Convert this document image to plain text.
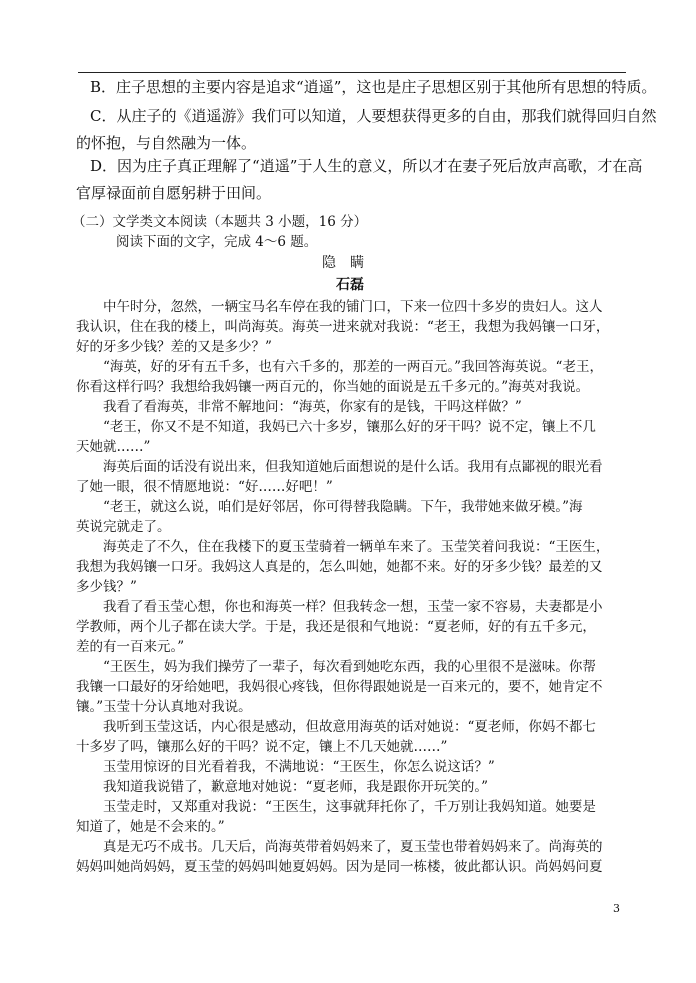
B．庄子思想的主要内容是追求“逍遥”，这也是庄子思想区别于其他所有思想的特质。
C．从庄子的《逍遥游》我们可以知道，人要想获得更多的自由，那我们就得回归自然
的怀抱，与自然融为一体。
D．因为庄子真正理解了“逍遥”于人生的意义，所以才在妻子死后放声高歌，才在高
官厚禄面前自愿躬耕于田间。
（二）文学类文本阅读（本题共 3 小题，16 分）
阅读下面的文字，完成 4～6 题。
隐瞒
石磊

中午时分，忽然，一辆宝马名车停在我的铺门口，下来一位四十多岁的贵妇人。这人
我认识，住在我的楼上，叫尚海英。海英一进来就对我说：“老王，我想为我妈镶一口牙，
好的牙多少钱？差的又是多少？”

“海英，好的牙有五千多，也有六千多的，那差的一两百元。”我回答海英说。“老王，
你看这样行吗？我想给我妈镶一两百元的，你当她的面说是五千多元的。”海英对我说。

我看了看海英，非常不解地问：“海英，你家有的是钱，干吗这样做？”

“老王，你又不是不知道，我妈已六十多岁，镶那么好的牙干吗？说不定，镶上不几
天她就……”

海英后面的话没有说出来，但我知道她后面想说的是什么话。我用有点鄙视的眼光看
了她一眼，很不情愿地说：“好……好吧！”

“老王，就这么说，咱们是好邻居，你可得替我隐瞒。下午，我带她来做牙模。”海
英说完就走了。

海英走了不久，住在我楼下的夏玉莹骑着一辆单车来了。玉莹笑着问我说：“王医生，
我想为我妈镶一口牙。我妈这人真是的，怎么叫她，她都不来。好的牙多少钱？最差的又
多少钱？”

我看了看玉莹心想，你也和海英一样？但我转念一想，玉莹一家不容易，夫妻都是小
学教师，两个儿子都在读大学。于是，我还是很和气地说：“夏老师，好的有五千多元，
差的有一百来元。”

“王医生，妈为我们操劳了一辈子，每次看到她吃东西，我的心里很不是滋味。你帮
我镶一口最好的牙给她吧，我妈很心疼钱，但你得跟她说是一百来元的，要不，她肯定不
镶。”玉莹十分认真地对我说。

我听到玉莹这话，内心很是感动，但故意用海英的话对她说：“夏老师，你妈不都七
十多岁了吗，镶那么好的干吗？说不定，镶上不几天她就……”

玉莹用惊讶的目光看着我，不满地说：“王医生，你怎么说这话？”

我知道我说错了，歉意地对她说：“夏老师，我是跟你开玩笑的。”

玉莹走时，又郑重对我说：“王医生，这事就拜托你了，千万别让我妈知道。她要是
知道了，她是不会来的。”

真是无巧不成书。几天后，尚海英带着妈妈来了，夏玉莹也带着妈妈来了。尚海英的
妈妈叫她尚妈妈，夏玉莹的妈妈叫她夏妈妈。因为是同一栋楼，彼此都认识。尚妈妈问夏

3
